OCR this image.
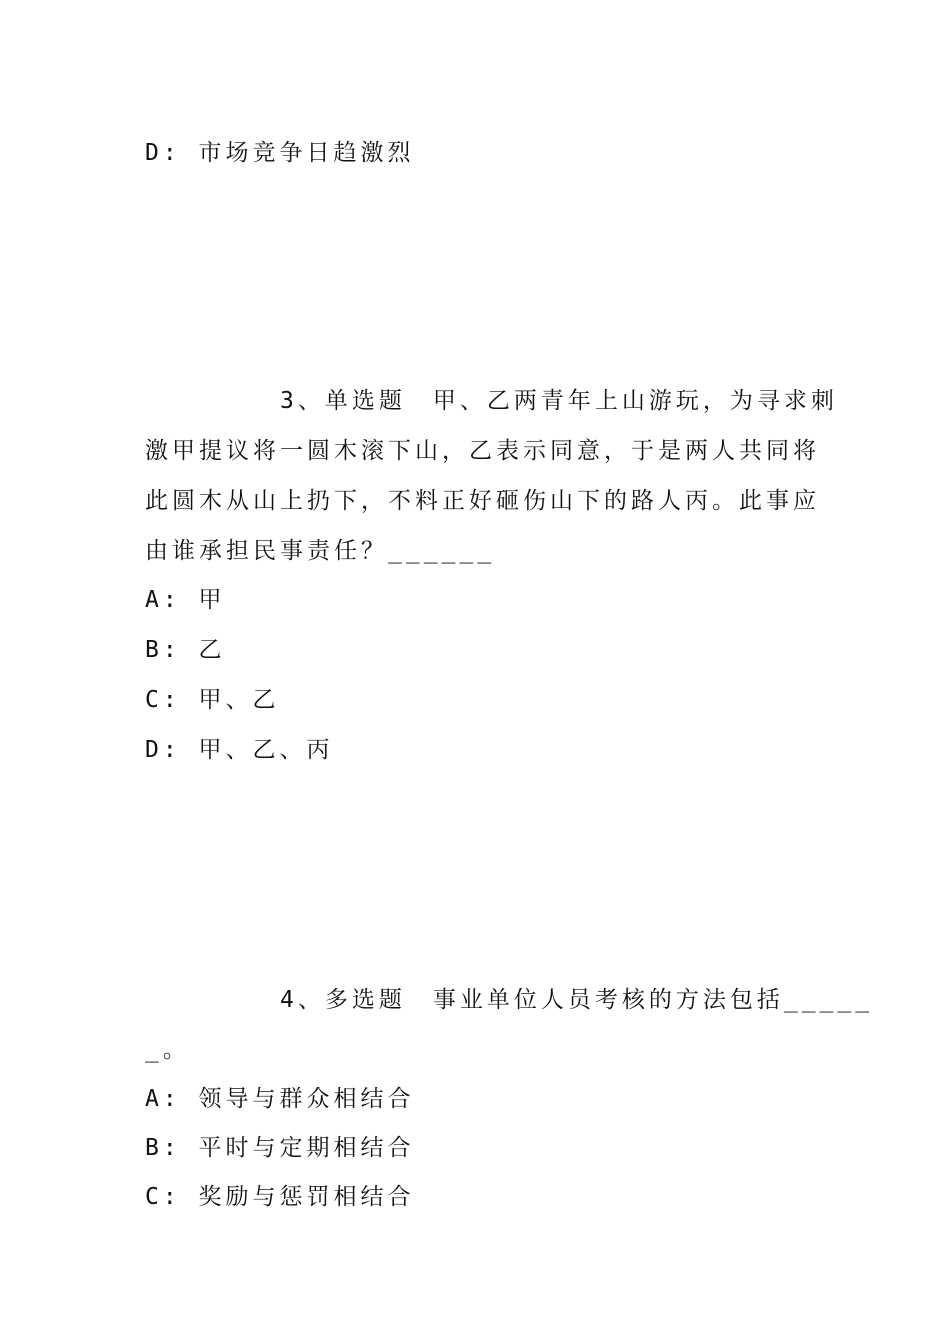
D: 市场竞争日趋激烈
3、单选题　甲、乙两青年上山游玩，为寻求刺
激甲提议将一圆木滚下山，乙表示同意，于是两人共同将
此圆木从山上扔下，不料正好砸伤山下的路人丙。此事应
由谁承担民事责任？______
A: 甲
B: 乙
C: 甲、乙
D: 甲、乙、丙
4、多选题　事业单位人员考核的方法包括_____
_。
A: 领导与群众相结合
B: 平时与定期相结合
C: 奖励与惩罚相结合
